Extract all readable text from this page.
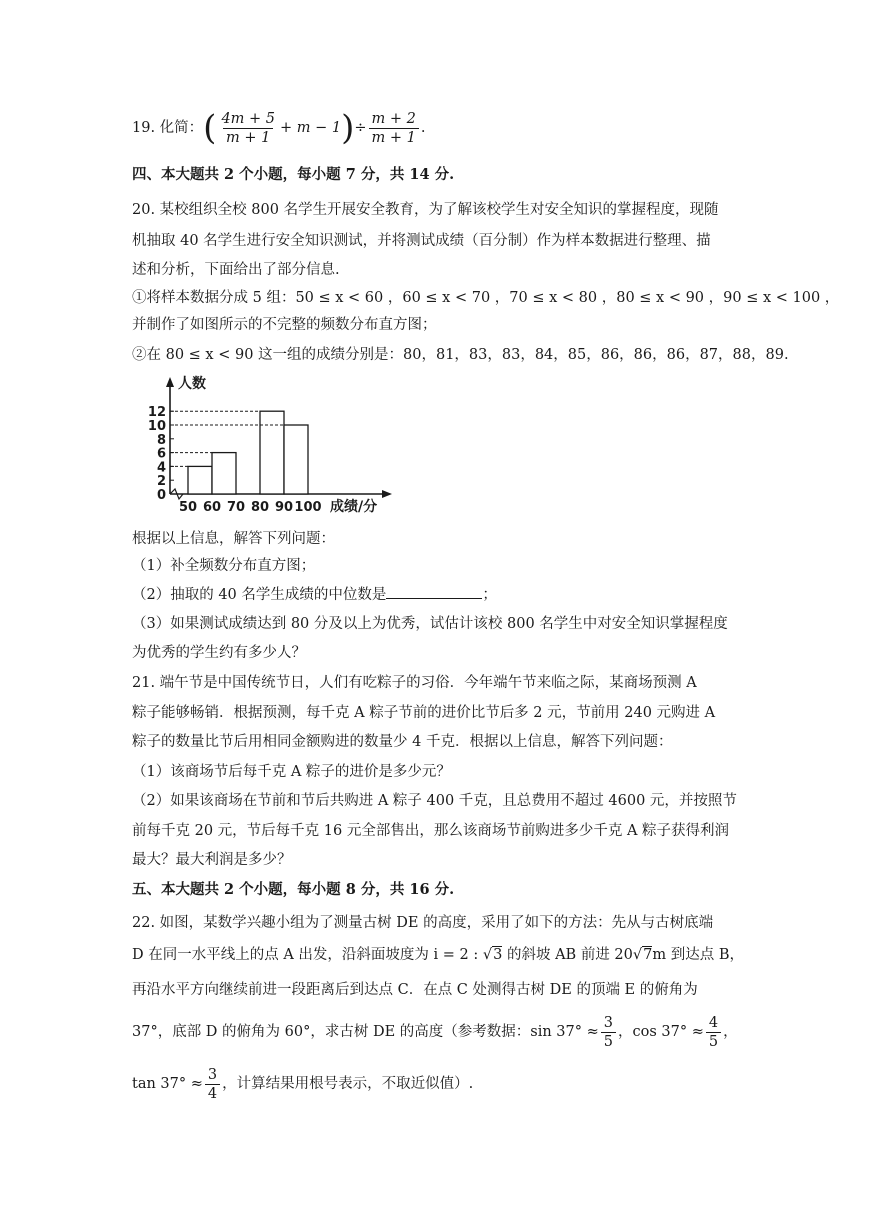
19.
化简： ( $\frac{4m + 5}{m + 1} + m - 1$ ) ÷ $\frac{m + 2}{m + 1}$ .
四、本大题共 2 个小题，每小题 7 分，共 14 分.
20. 某校组织全校 800 名学生开展安全教育，为了解该校学生对安全知识的掌握程度，现随
机抽取 40 名学生进行安全知识测试，并将测试成绩（百分制）作为样本数据进行整理、描
述和分析，下面给出了部分信息.
①将样本数据分成 5 组：50 ≤ x < 60 ，60 ≤ x < 70 ，70 ≤ x < 80 ，80 ≤ x < 90 ，90 ≤ x < 100 ，
并制作了如图所示的不完整的频数分布直方图；
②在 80 ≤ x < 90 这一组的成绩分别是：80，81，83，83，84，85，86，86，86，87，88，89.
0
2
4
6
8
10
12
50 60 70 80 90 100
人数
成绩/分
根据以上信息，解答下列问题：
（1）补全频数分布直方图；
（2）抽取的 40 名学生成绩的中位数是	；
（3）如果测试成绩达到 80 分及以上为优秀，试估计该校 800 名学生中对安全知识掌握程度
为优秀的学生约有多少人？
21. 端午节是中国传统节日，人们有吃粽子的习俗．今年端午节来临之际，某商场预测 A
粽子能够畅销．根据预测，每千克 A 粽子节前的进价比节后多 2 元，节前用 240 元购进 A
粽子的数量比节后用相同金额购进的数量少 4 千克．根据以上信息，解答下列问题：
（1）该商场节后每千克 A 粽子的进价是多少元？
（2）如果该商场在节前和节后共购进 A 粽子 400 千克，且总费用不超过 4600 元，并按照节
前每千克 20 元，节后每千克 16 元全部售出，那么该商场节前购进多少千克 A 粽子获得利润
最大？最大利润是多少？
五、本大题共 2 个小题，每小题 8 分，共 16 分.
22. 如图，某数学兴趣小组为了测量古树 DE 的高度，采用了如下的方法：先从与古树底端
D 在同一水平线上的点 A 出发，沿斜面坡度为 i = 2 : √3 的斜坡 AB 前进 20√7m 到达点 B，
再沿水平方向继续前进一段距离后到达点 C．在点 C 处测得古树 DE 的顶端 E 的俯角为
37°，底部 D 的俯角为 60°，求古树 DE 的高度（参考数据：$\sin 37^\circ \approx \frac{3}{5}$ ，$\cos 37^\circ \approx \frac{4}{5}$ ，
$\tan 37^\circ \approx \frac{3}{4}$ ，计算结果用根号表示，不取近似值）.
